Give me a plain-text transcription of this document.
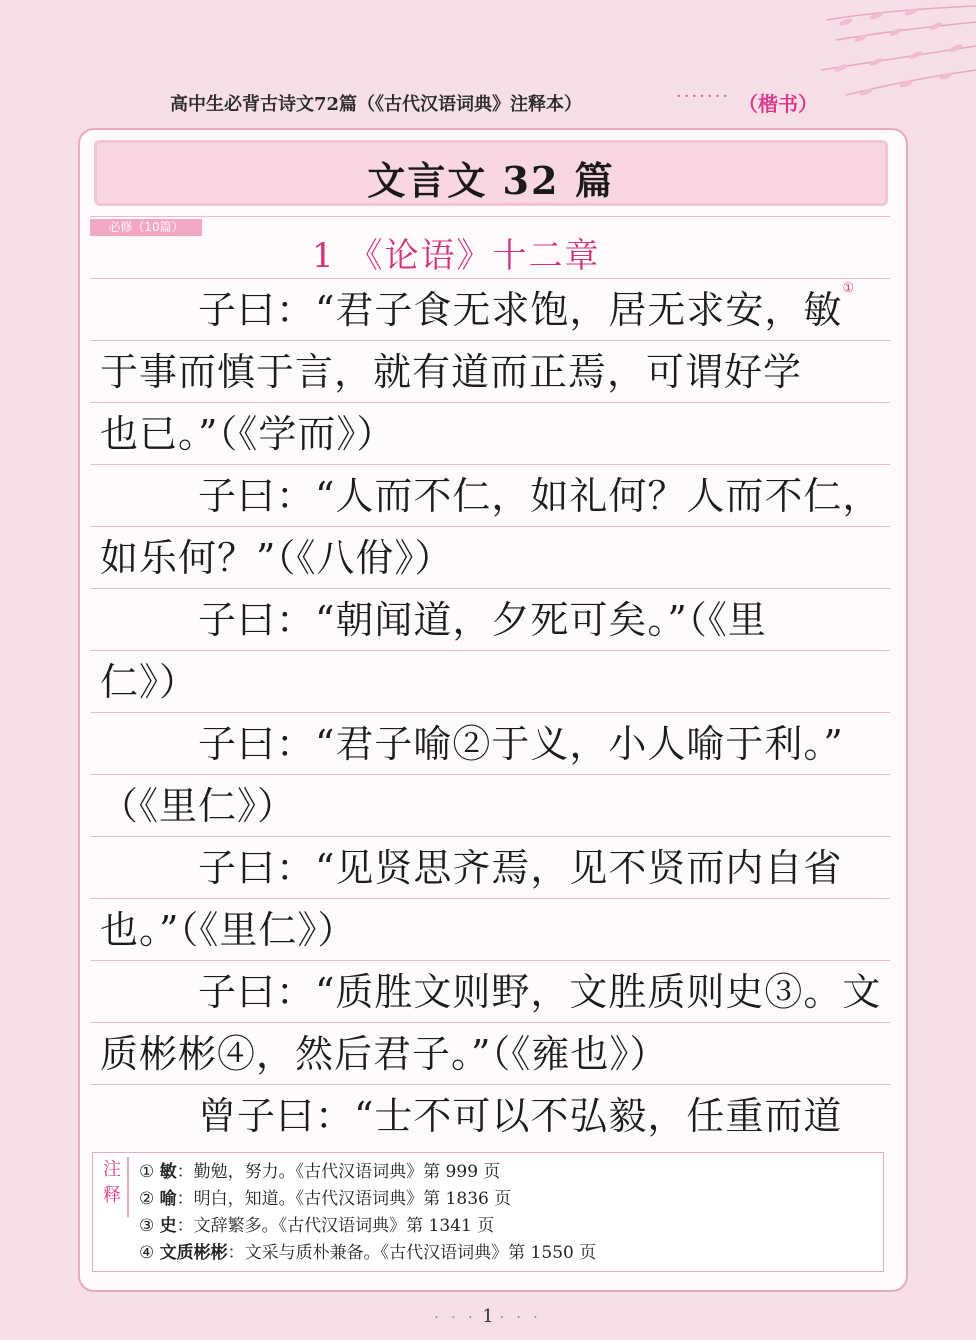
高中生必背古诗文72篇（《古代汉语词典》注释本）	······· （楷书）
文言文 32 篇
必修（10篇）
1 《论语》十二章
子曰：“君子食无求饱，居无求安，敏①
于事而慎于言，就有道而正焉，可谓好学
也已。”（《学而》）
子曰：“人而不仁，如礼何？人而不仁，
如乐何？”（《八佾》）
子曰：“朝闻道，夕死可矣。”（《里
仁》）
子曰：“君子喻②于义，小人喻于利。”
（《里仁》）
子曰：“见贤思齐焉，见不贤而内自省
也。”（《里仁》）
子曰：“质胜文则野，文胜质则史③。文
质彬彬④，然后君子。”（《雍也》）
曾子曰：“士不可以不弘毅，任重而道
注释
① 敏：勤勉，努力。《古代汉语词典》第 999 页
② 喻：明白，知道。《古代汉语词典》第 1836 页
③ 史：文辞繁多。《古代汉语词典》第 1341 页
④ 文质彬彬：文采与质朴兼备。《古代汉语词典》第 1550 页
· · · 1 · · ·
